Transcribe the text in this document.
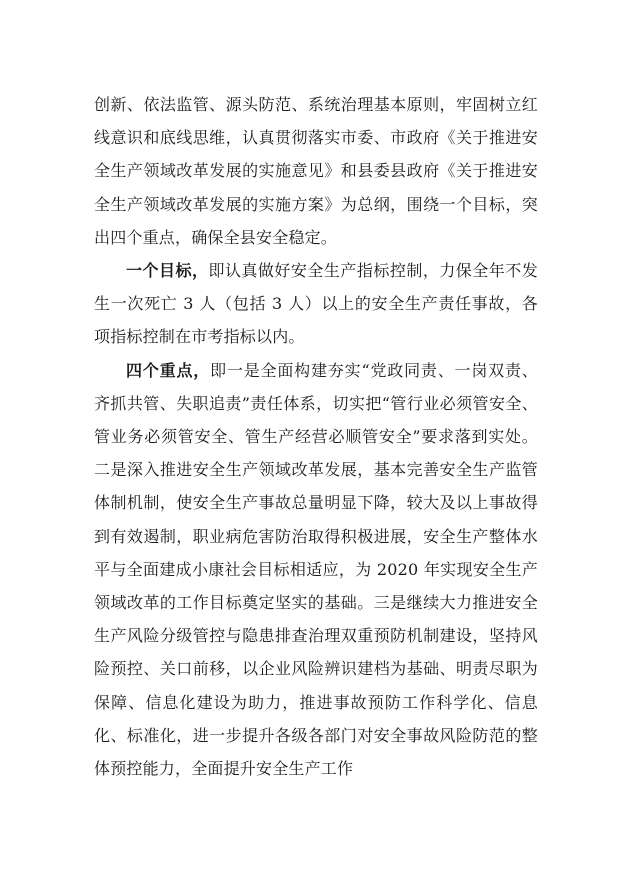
创新、依法监管、源头防范、系统治理基本原则，牢固树立红线意识和底线思维，认真贯彻落实市委、市政府《关于推进安全生产领域改革发展的实施意见》和县委县政府《关于推进安全生产领域改革发展的实施方案》为总纲，围绕一个目标，突出四个重点，确保全县安全稳定。

一个目标，即认真做好安全生产指标控制，力保全年不发生一次死亡 3 人（包括 3 人）以上的安全生产责任事故，各项指标控制在市考指标以内。

四个重点，即一是全面构建夯实“党政同责、一岗双责、齐抓共管、失职追责”责任体系，切实把“管行业必须管安全、管业务必须管安全、管生产经营必顺管安全”要求落到实处。二是深入推进安全生产领域改革发展，基本完善安全生产监管体制机制，使安全生产事故总量明显下降，较大及以上事故得到有效遏制，职业病危害防治取得积极进展，安全生产整体水平与全面建成小康社会目标相适应，为 2020 年实现安全生产领域改革的工作目标奠定坚实的基础。三是继续大力推进安全生产风险分级管控与隐患排查治理双重预防机制建设，坚持风险预控、关口前移，以企业风险辨识建档为基础、明责尽职为保障、信息化建设为助力，推进事故预防工作科学化、信息化、标准化，进一步提升各级各部门对安全事故风险防范的整体预控能力，全面提升安全生产工作
